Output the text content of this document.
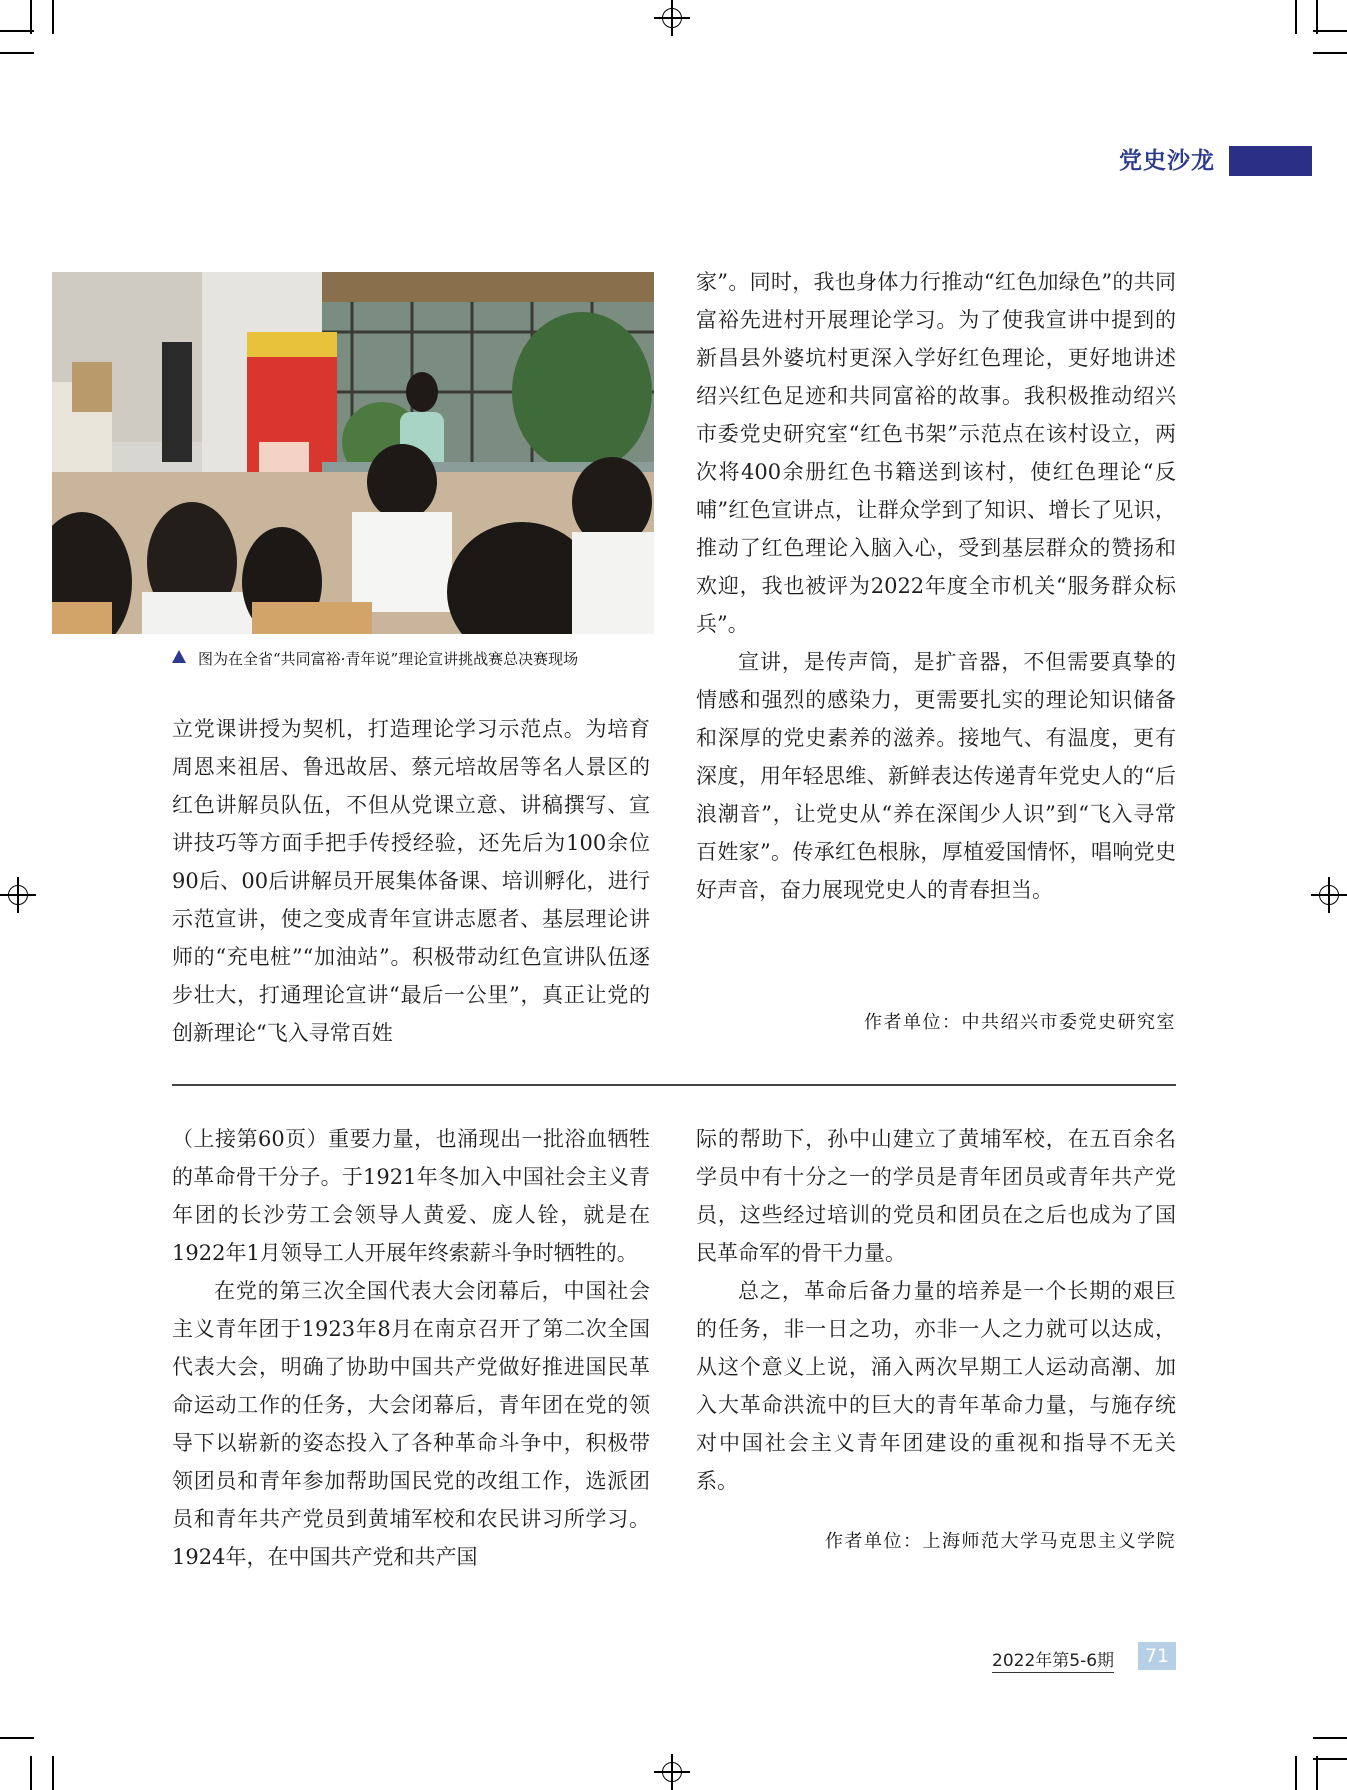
党史沙龙
图为在全省“共同富裕·青年说”理论宣讲挑战赛总决赛现场

立党课讲授为契机，打造理论学习示范点。为培育周恩来祖居、鲁迅故居、蔡元培故居等名人景区的红色讲解员队伍，不但从党课立意、讲稿撰写、宣讲技巧等方面手把手传授经验，还先后为100余位90后、00后讲解员开展集体备课、培训孵化，进行示范宣讲，使之变成青年宣讲志愿者、基层理论讲师的“充电桩”“加油站”。积极带动红色宣讲队伍逐步壮大，打通理论宣讲“最后一公里”，真正让党的创新理论“飞入寻常百姓

家”。同时，我也身体力行推动“红色加绿色”的共同富裕先进村开展理论学习。为了使我宣讲中提到的新昌县外婆坑村更深入学好红色理论，更好地讲述绍兴红色足迹和共同富裕的故事。我积极推动绍兴市委党史研究室“红色书架”示范点在该村设立，两次将400余册红色书籍送到该村，使红色理论“反哺”红色宣讲点，让群众学到了知识、增长了见识，推动了红色理论入脑入心，受到基层群众的赞扬和欢迎，我也被评为2022年度全市机关“服务群众标兵”。

宣讲，是传声筒，是扩音器，不但需要真挚的情感和强烈的感染力，更需要扎实的理论知识储备和深厚的党史素养的滋养。接地气、有温度，更有深度，用年轻思维、新鲜表达传递青年党史人的“后浪潮音”，让党史从“养在深闺少人识”到“飞入寻常百姓家”。传承红色根脉，厚植爱国情怀，唱响党史好声音，奋力展现党史人的青春担当。

作者单位：中共绍兴市委党史研究室

（上接第60页）重要力量，也涌现出一批浴血牺牲的革命骨干分子。于1921年冬加入中国社会主义青年团的长沙劳工会领导人黄爱、庞人铨，就是在1922年1月领导工人开展年终索薪斗争时牺牲的。

在党的第三次全国代表大会闭幕后，中国社会主义青年团于1923年8月在南京召开了第二次全国代表大会，明确了协助中国共产党做好推进国民革命运动工作的任务，大会闭幕后，青年团在党的领导下以崭新的姿态投入了各种革命斗争中，积极带领团员和青年参加帮助国民党的改组工作，选派团员和青年共产党员到黄埔军校和农民讲习所学习。1924年，在中国共产党和共产国

际的帮助下，孙中山建立了黄埔军校，在五百余名学员中有十分之一的学员是青年团员或青年共产党员，这些经过培训的党员和团员在之后也成为了国民革命军的骨干力量。

总之，革命后备力量的培养是一个长期的艰巨的任务，非一日之功，亦非一人之力就可以达成，从这个意义上说，涌入两次早期工人运动高潮、加入大革命洪流中的巨大的青年革命力量，与施存统对中国社会主义青年团建设的重视和指导不无关系。

作者单位：上海师范大学马克思主义学院
2022年第5-6期	71
